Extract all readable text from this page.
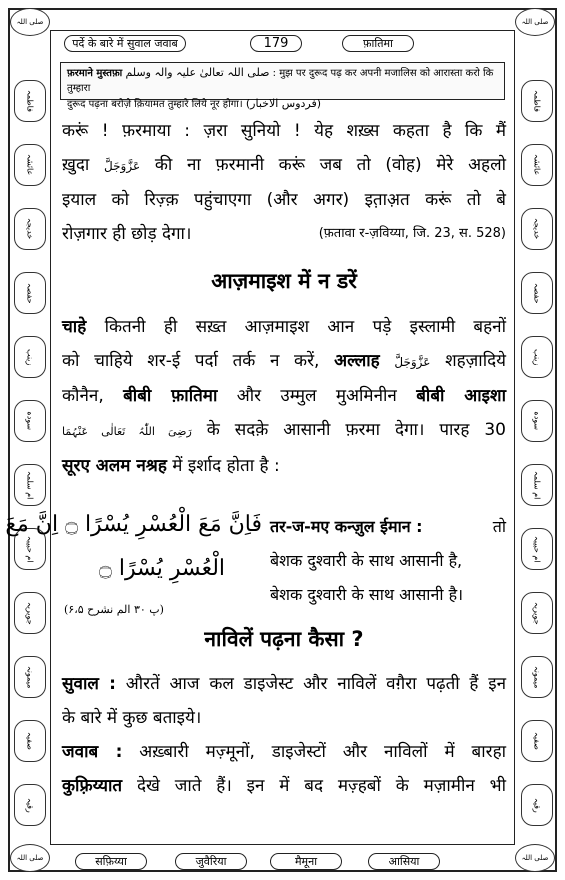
صلی اللہ	صلی اللہ
पर्दे के बारे में सुवाल जवाब	179	फ़ातिमा
فاطمہ
عائشہ
خدیجہ
حفصہ
زینب
سودہ
ام سلمہ
ام حبیبہ
جویریہ
میمونہ
صفیہ
رقیہ
فاطمہ
عائشہ
خدیجہ
حفصہ
زینب
سودہ
ام سلمہ
ام حبیبہ
جویریہ
میمونہ
صفیہ
رقیہ
फ़रमाने मुस्तफ़ा صلی اللہ تعالیٰ علیہ والہ وسلم : मुझ पर दुरूद पढ़ कर अपनी मजालिस को आरास्ता करो कि तुम्हारा
दुरूद पढ़ना बरोज़े क़ियामत तुम्हारे लिये नूर होगा। (فردوس الاخبار)
करूं ! फ़रमाया : ज़रा सुनियो ! येह शख़्स कहता है कि मैं
ख़ुदा عَزَّوَجَلَّ की ना फ़रमानी करूं जब तो (वोह) मेरे अहलो
इयाल को रिज़्क़ पहुंचाएगा (और अगर) इत़ाअ़त करूं तो बे
रोज़गार ही छोड़ देगा।	(फ़तावा र-ज़विय्या, जि. 23, स. 528)
आज़माइश में न डरें
चाहे कितनी ही सख़्त आज़माइश आन पड़े इस्लामी बहनों
को चाहिये शर-ई पर्दा तर्क न करें, अल्लाह عَزَّوَجَلَّ शहज़ादिये
कौनैन, बीबी फ़ातिमा और उम्मुल मुअमिनीन बीबी आइशा
رَضِیَ اللّٰہُ تَعَالٰی عَنْہُمَا के सदक़े आसानी फ़रमा देगा। पारह 30
सूरए अलम नश्रह में इर्शाद होता है :
فَاِنَّ مَعَ الْعُسْرِ یُسْرًا ۝ اِنَّ مَعَ
الْعُسْرِ یُسْرًا ۝
(پ ۳۰ الم نشرح ۶،۵)
तर-ज-मए कन्ज़ुल ईमान :	तो
बेशक दुश्वारी के साथ आसानी है,
बेशक दुश्वारी के साथ आसानी है।
नाविलें पढ़ना कैसा ?
सुवाल : औरतें आज कल डाइजेस्ट और नाविलें वग़ैरा पढ़ती हैं इन
के बारे में कुछ बताइये।
जवाब : अख़्बारी मज़्मूनों, डाइजेस्टों और नाविलों में बारहा
कुफ़्रिय्यात देखे जाते हैं। इन में बद मज़्हबों के मज़ामीन भी
صلی اللہ	صلی اللہ
सफ़िय्या	जुवैरिया	मैमूना	आसिया
